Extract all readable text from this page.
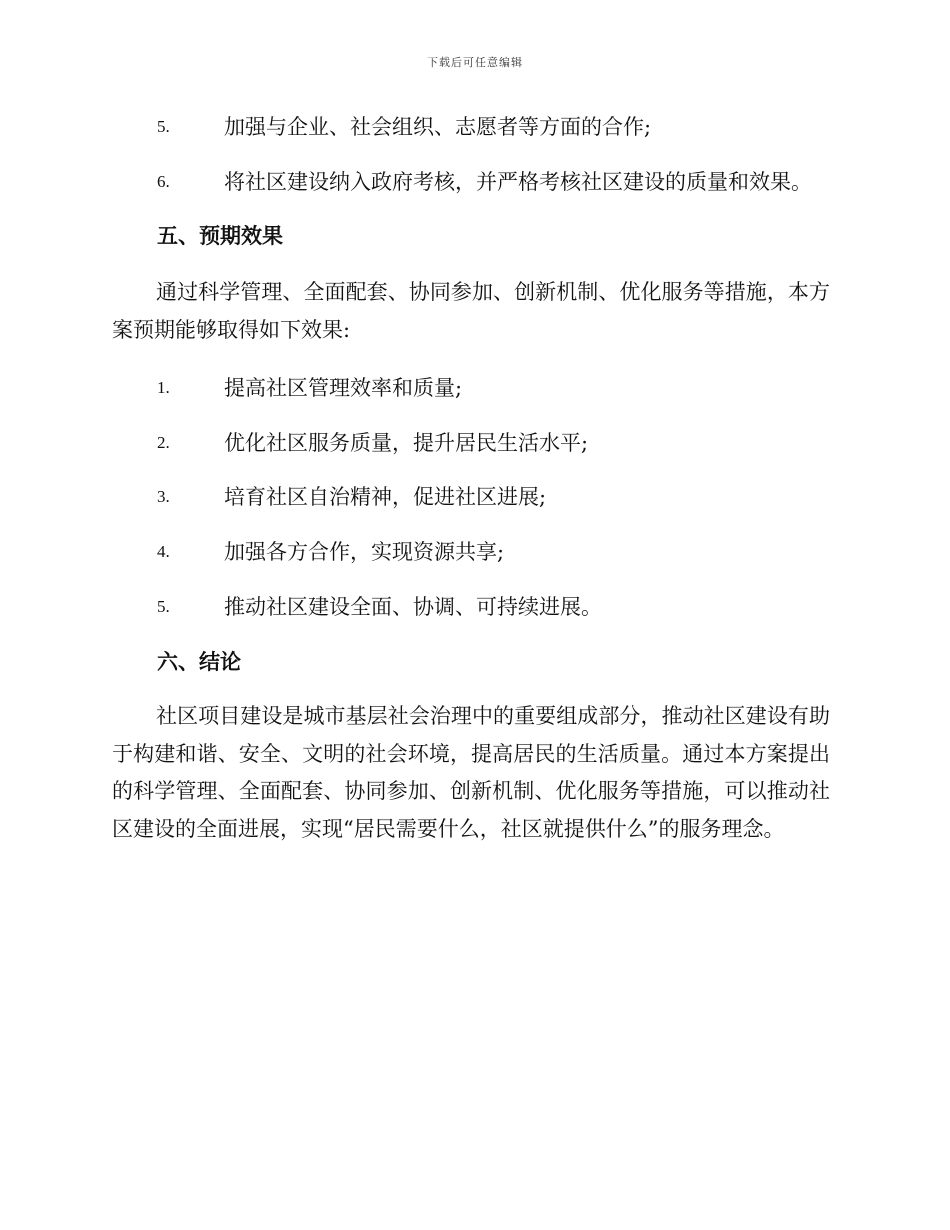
下载后可任意编辑
5.	加强与企业、社会组织、志愿者等方面的合作;
6.	将社区建设纳入政府考核，并严格考核社区建设的质量和效果。
五、预期效果

通过科学管理、全面配套、协同参加、创新机制、优化服务等措施，本方案预期能够取得如下效果:

1.	提高社区管理效率和质量;
2.	优化社区服务质量，提升居民生活水平;
3.	培育社区自治精神，促进社区进展;
4.	加强各方合作，实现资源共享;
5.	推动社区建设全面、协调、可持续进展。
六、结论

社区项目建设是城市基层社会治理中的重要组成部分，推动社区建设有助于构建和谐、安全、文明的社会环境，提高居民的生活质量。通过本方案提出的科学管理、全面配套、协同参加、创新机制、优化服务等措施，可以推动社区建设的全面进展，实现“居民需要什么，社区就提供什么”的服务理念。
